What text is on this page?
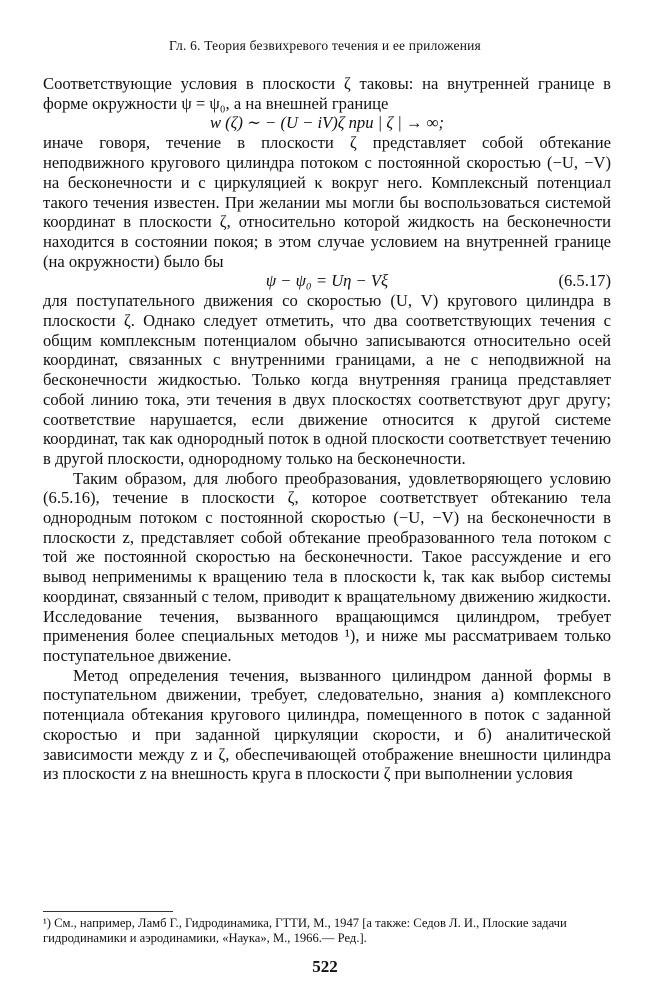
Гл. 6. Теория безвихревого течения и ее приложения

Соответствующие условия в плоскости ζ таковы: на внутренней границе в форме окружности ψ = ψ₀, а на внешней границе

w (ζ) ∼ − (U − iV)ζ при | ζ | → ∞;

иначе говоря, течение в плоскости ζ представляет собой обтекание неподвижного кругового цилиндра потоком с постоянной скоростью (−U, −V) на бесконечности и с циркуляцией κ вокруг него. Комплексный потенциал такого течения известен. При желании мы могли бы воспользоваться системой координат в плоскости ζ, относительно которой жидкость на бесконечности находится в состоянии покоя; в этом случае условием на внутренней границе (на окружности) было бы

ψ − ψ₀ = Uη − Vξ	(6.5.17)

для поступательного движения со скоростью (U, V) кругового цилиндра в плоскости ζ. Однако следует отметить, что два соответствующих течения с общим комплексным потенциалом обычно записываются относительно осей координат, связанных с внутренними границами, а не с неподвижной на бесконечности жидкостью. Только когда внутренняя граница представляет собой линию тока, эти течения в двух плоскостях соответствуют друг другу; соответствие нарушается, если движение относится к другой системе координат, так как однородный поток в одной плоскости соответствует течению в другой плоскости, однородному только на бесконечности.

Таким образом, для любого преобразования, удовлетворяющего условию (6.5.16), течение в плоскости ζ, которое соответствует обтеканию тела однородным потоком с постоянной скоростью (−U, −V) на бесконечности в плоскости z, представляет собой обтекание преобразованного тела потоком с той же постоянной скоростью на бесконечности. Такое рассуждение и его вывод неприменимы к вращению тела в плоскости k, так как выбор системы координат, связанный с телом, приводит к вращательному движению жидкости. Исследование течения, вызванного вращающимся цилиндром, требует применения более специальных методов ¹), и ниже мы рассматриваем только поступательное движение.

Метод определения течения, вызванного цилиндром данной формы в поступательном движении, требует, следовательно, знания а) комплексного потенциала обтекания кругового цилиндра, помещенного в поток с заданной скоростью и при заданной циркуляции скорости, и б) аналитической зависимости между z и ζ, обеспечивающей отображение внешности цилиндра из плоскости z на внешность круга в плоскости ζ при выполнении условия

¹) См., например, Ламб Г., Гидродинамика, ГТТИ, М., 1947 [а также: Седов Л. И., Плоские задачи гидродинамики и аэродинамики, «Наука», М., 1966.— Ред.].
522
